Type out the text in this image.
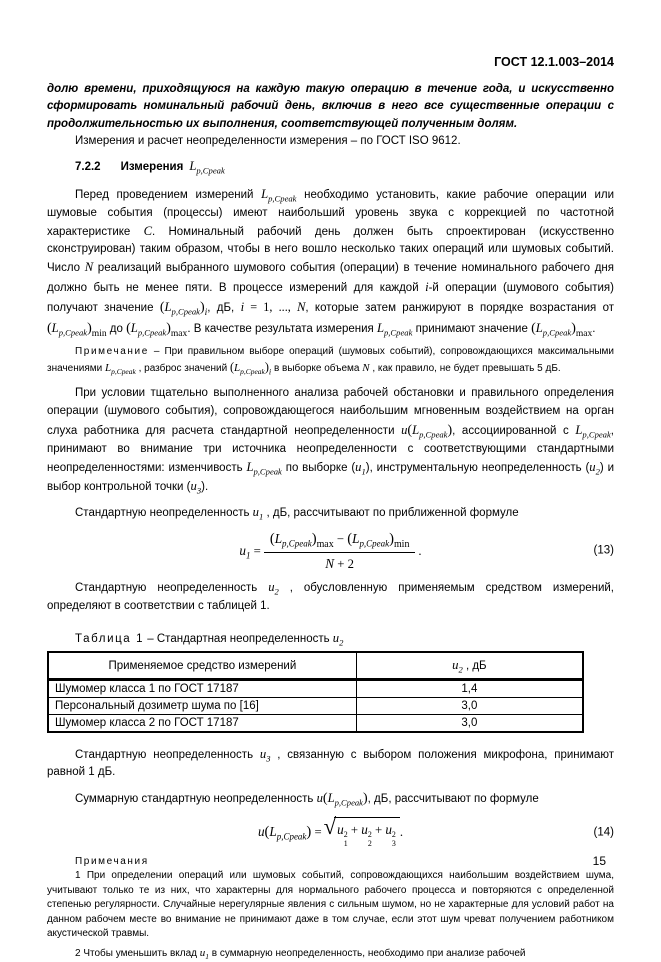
ГОСТ 12.1.003–2014

долю времени, приходящуюся на каждую такую операцию в течение года, и искусственно сформировать номинальный рабочий день, включив в него все существенные операции с продолжительностью их выполнения, соответствующей полученным долям.

Измерения и расчет неопределенности измерения – по ГОСТ ISO 9612.

7.2.2 Измерения $L_{p,Cpeak}$

Перед проведением измерений $L_{p,Cpeak}$ необходимо установить, какие рабочие операции или шумовые события (процессы) имеют наибольший уровень звука с коррекцией по частотной характеристике C. Номинальный рабочий день должен быть спроектирован (искусственно сконструирован) таким образом, чтобы в него вошло несколько таких операций или шумовых событий. Число N реализаций выбранного шумового события (операции) в течение номинального рабочего дня должно быть не менее пяти. В процессе измерений для каждой i-й операции (шумового события) получают значение $(L_{p,Cpeak})_i$, дБ, i = 1, ..., N, которые затем ранжируют в порядке возрастания от $(L_{p,Cpeak})_{min}$ до $(L_{p,Cpeak})_{max}$. В качестве результата измерения $L_{p,Cpeak}$ принимают значение $(L_{p,Cpeak})_{max}$.

Примечание – При правильном выборе операций (шумовых событий), сопровождающихся максимальными значениями $L_{p,Cpeak}$ , разброс значений $(L_{p,Cpeak})_i$ в выборке объема N , как правило, не будет превышать 5 дБ.

При условии тщательно выполненного анализа рабочей обстановки и правильного определения операции (шумового события), сопровождающегося наибольшим мгновенным воздействием на орган слуха работника для расчета стандартной неопределенности $u(L_{p,Cpeak})$, ассоциированной с $L_{p,Cpeak}$, принимают во внимание три источника неопределенности с соответствующими стандартными неопределенностями: изменчивость $L_{p,Cpeak}$ по выборке $(u_1)$, инструментальную неопределенность $(u_2)$ и выбор контрольной точки $(u_3)$.

Стандартную неопределенность $u_1$ , дБ, рассчитывают по приближенной формуле

$u_1 = \frac{(L_{p,Cpeak})_{max} - (L_{p,Cpeak})_{min}}{N + 2}$ .	(13)

Стандартную неопределенность $u_2$ , обусловленную применяемым средством измерений, определяют в соответствии с таблицей 1.

Таблица 1 – Стандартная неопределенность $u_2$

Применяемое средство измерений	$u_2$ , дБ
Шумомер класса 1 по ГОСТ 17187	1,4
Персональный дозиметр шума по [16]	3,0
Шумомер класса 2 по ГОСТ 17187	3,0

Стандартную неопределенность $u_3$ , связанную с выбором положения микрофона, принимают равной 1 дБ.

Суммарную стандартную неопределенность $u(L_{p,Cpeak})$, дБ, рассчитывают по формуле

$u(L_{p,Cpeak})$ = √ u 2
1
+ u 2
2
+ u 2
3
.	(14)

Примечания

1 При определении операций или шумовых событий, сопровождающихся наибольшим воздействием шума, учитывают только те из них, что характерны для нормального рабочего процесса и повторяются с определенной степенью регулярности. Случайные нерегулярные явления с сильным шумом, но не характерные для условий работ на данном рабочем месте во внимание не принимают даже в том случае, если этот шум чреват получением работником акустической травмы.

2 Чтобы уменьшить вклад $u_1$ в суммарную неопределенность, необходимо при анализе рабочей

15
